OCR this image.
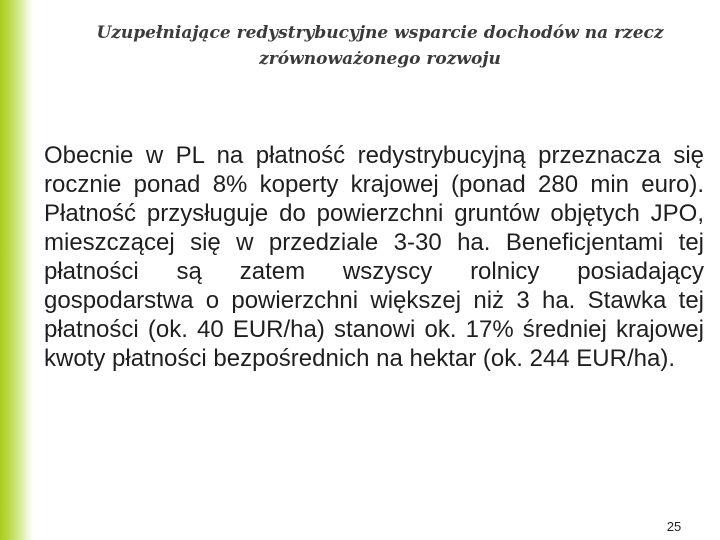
Uzupełniające redystrybucyjne wsparcie dochodów na rzecz
zrównoważonego rozwoju
Obecnie w PL na płatność redystrybucyjną przeznacza się rocznie ponad 8% koperty krajowej (ponad 280 min euro). Płatność przysługuje do powierzchni gruntów objętych JPO, mieszczącej się w przedziale 3-30 ha. Beneficjentami tej płatności są zatem wszyscy rolnicy posiadający gospodarstwa o powierzchni większej niż 3 ha. Stawka tej płatności (ok. 40 EUR/ha) stanowi ok. 17% średniej krajowej kwoty płatności bezpośrednich na hektar (ok. 244 EUR/ha).
25
